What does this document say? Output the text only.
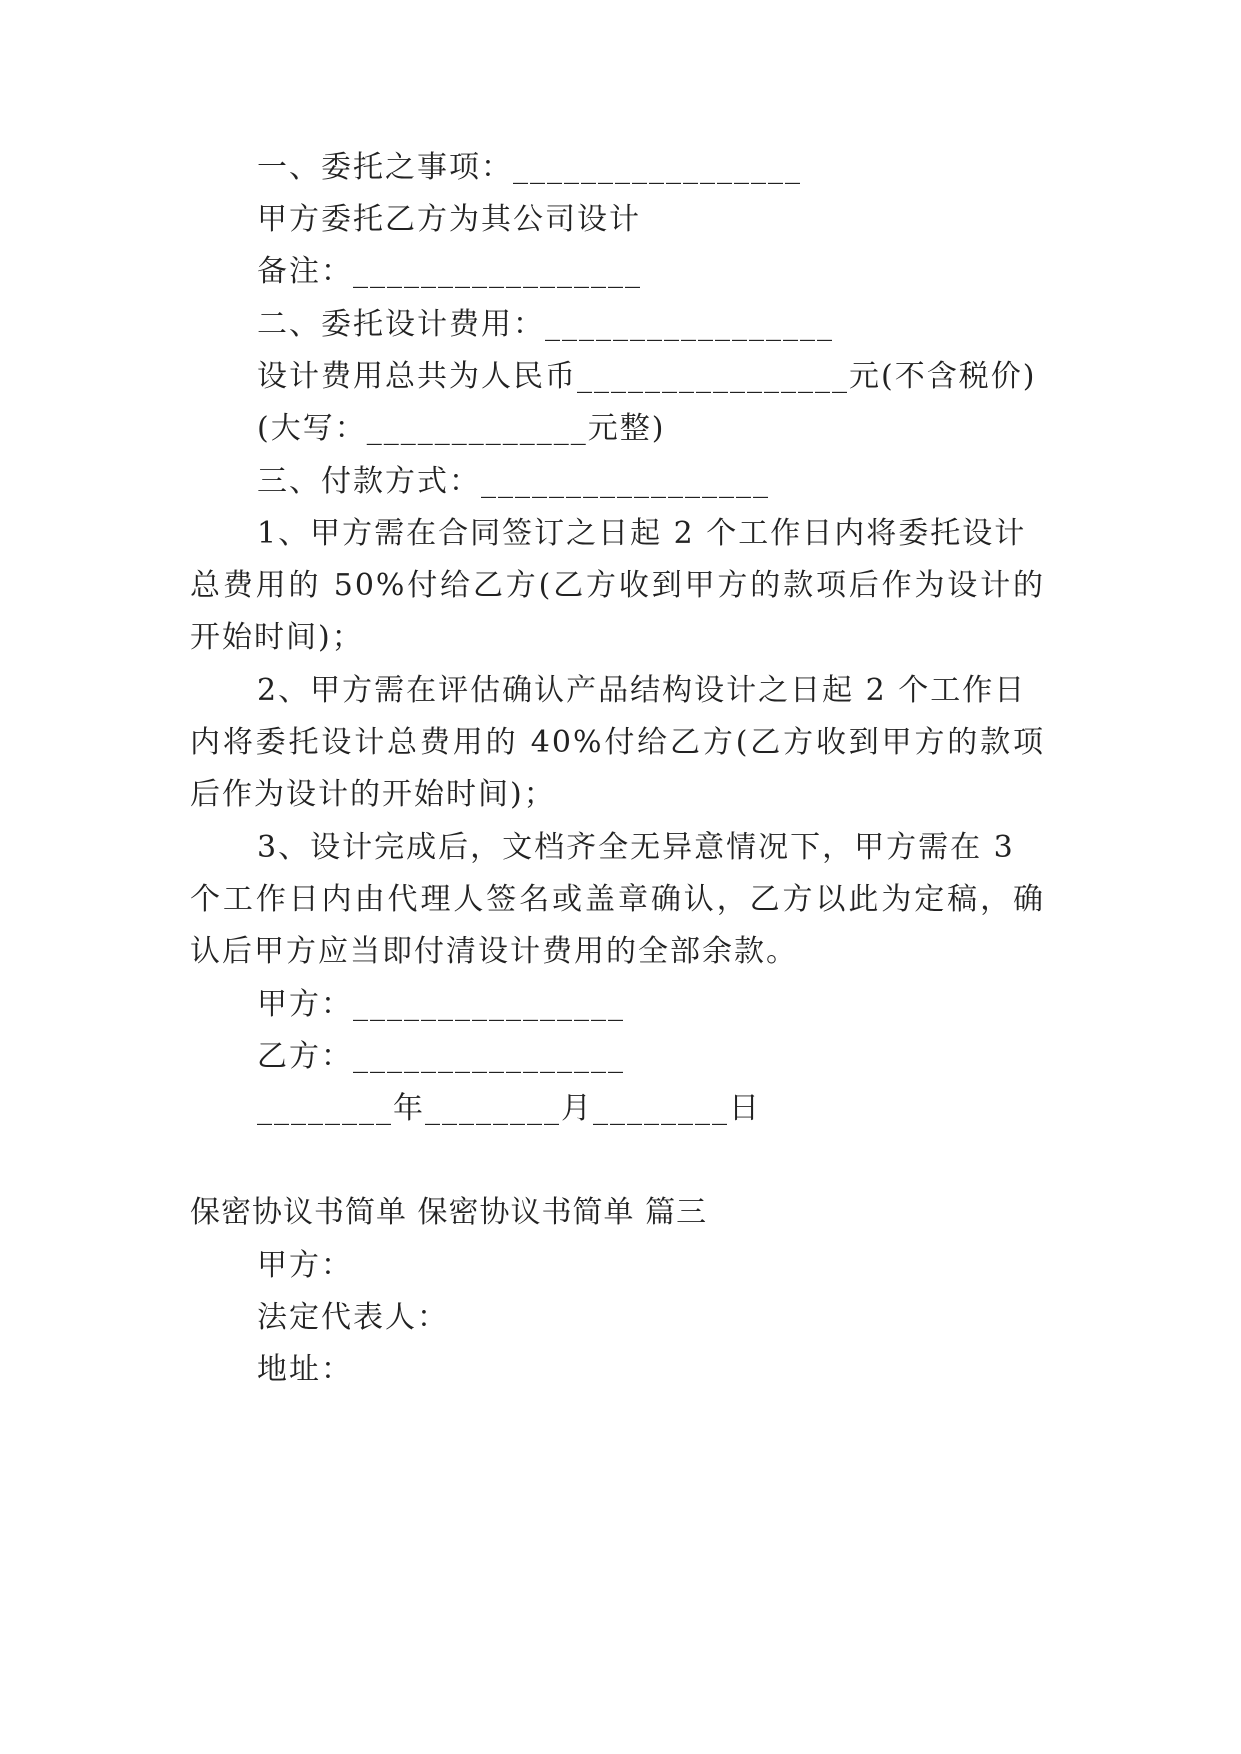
一、委托之事项：_________________
甲方委托乙方为其公司设计
备注：_________________
二、委托设计费用：_________________
设计费用总共为人民币________________元(不含税价)
(大写：_____________元整)
三、付款方式：_________________
1、甲方需在合同签订之日起 2 个工作日内将委托设计
总费用的 50%付给乙方(乙方收到甲方的款项后作为设计的
开始时间)；
2、甲方需在评估确认产品结构设计之日起 2 个工作日
内将委托设计总费用的 40%付给乙方(乙方收到甲方的款项
后作为设计的开始时间)；
3、设计完成后，文档齐全无异意情况下，甲方需在 3
个工作日内由代理人签名或盖章确认，乙方以此为定稿，确
认后甲方应当即付清设计费用的全部余款。
甲方：________________
乙方：________________
________年________月________日
保密协议书简单 保密协议书简单 篇三
甲方：
法定代表人：
地址：
